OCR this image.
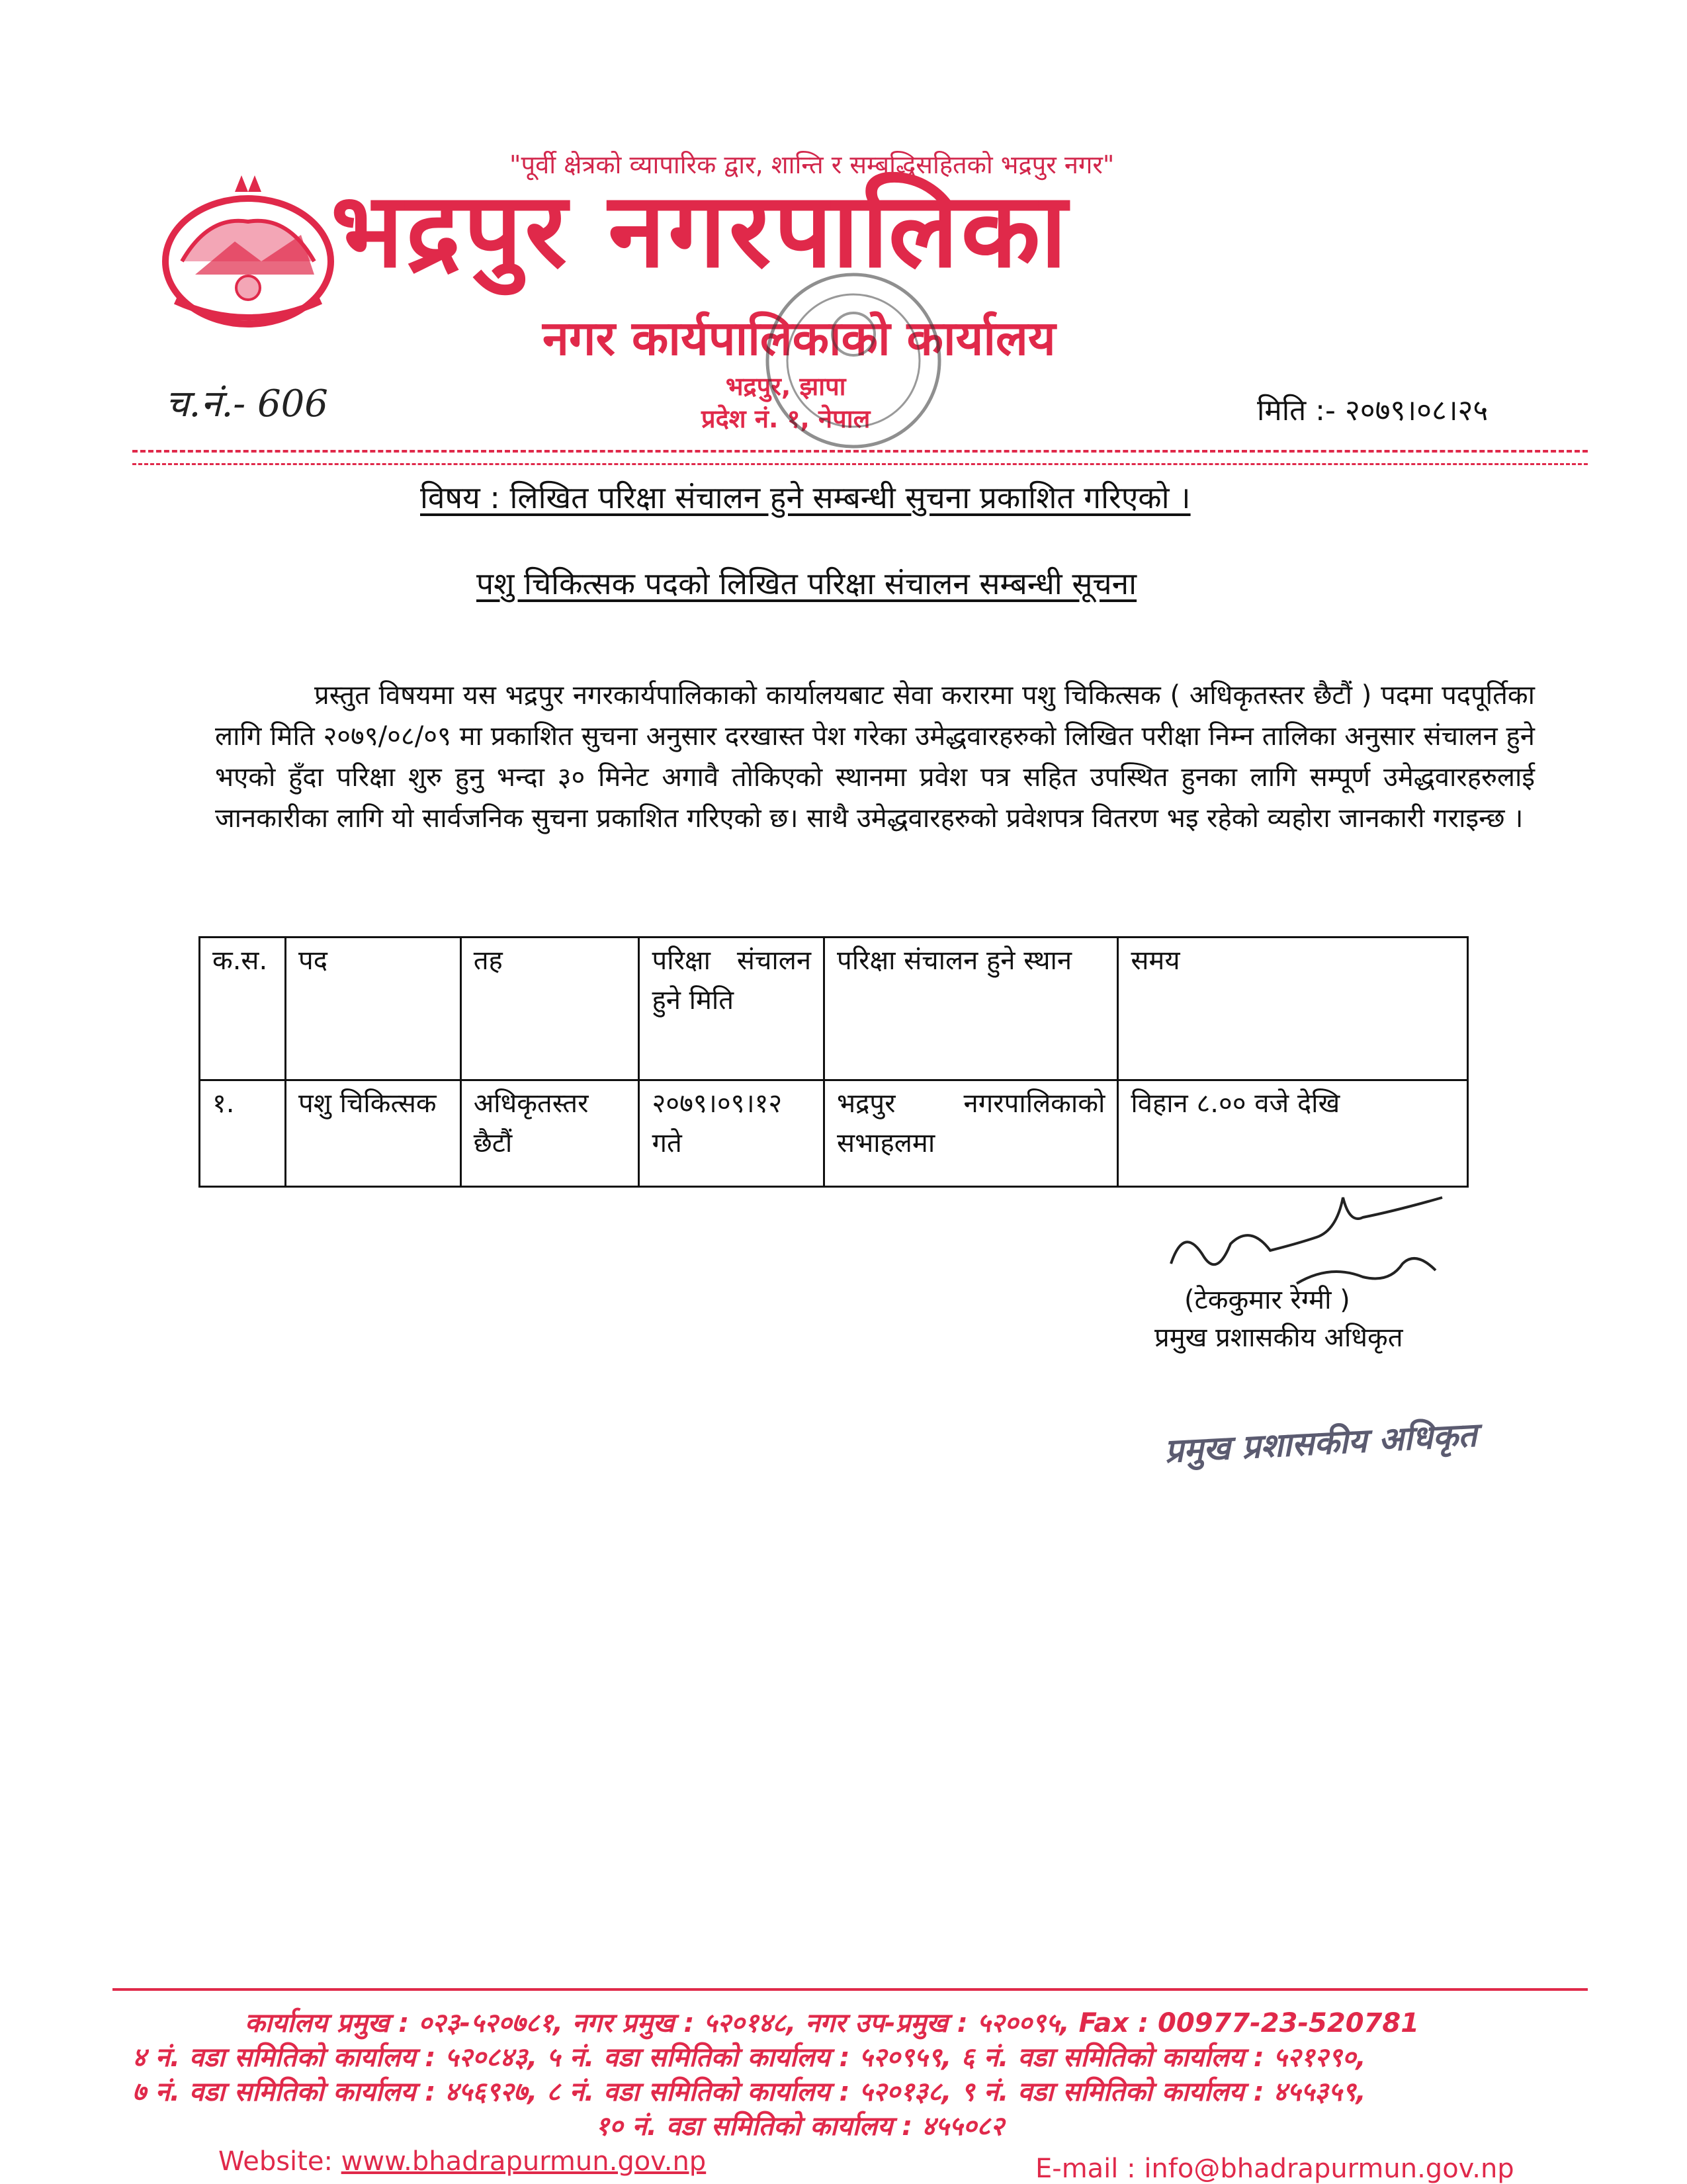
"पूर्वी क्षेत्रको व्यापारिक द्वार, शान्ति र सम्बृद्धिसहितको भद्रपुर नगर"
भद्रपुर नगरपालिका
नगर कार्यपालिकाको कार्यालय
भद्रपुर, झापा
प्रदेश नं. १, नेपाल
च.नं.- 606	मिति :- २०७९।०८।२५
विषय : लिखित परिक्षा संचालन हुने सम्बन्धी सुचना प्रकाशित गरिएको ।
पशु चिकित्सक पदको लिखित परिक्षा संचालन सम्बन्धी सूचना
प्रस्तुत विषयमा यस भद्रपुर नगरकार्यपालिकाको कार्यालयबाट सेवा करारमा पशु चिकित्सक ( अधिकृतस्तर छैटौं ) पदमा पदपूर्तिका लागि मिति २०७९/०८/०९ मा प्रकाशित सुचना अनुसार दरखास्त पेश गरेका उमेद्धवारहरुको लिखित परीक्षा निम्न तालिका अनुसार संचालन हुने भएको हुँदा परिक्षा शुरु हुनु भन्दा ३० मिनेट अगावै तोकिएको स्थानमा प्रवेश पत्र सहित उपस्थित हुनका लागि सम्पूर्ण उमेद्धवारहरुलाई जानकारीका लागि यो सार्वजनिक सुचना प्रकाशित गरिएको छ। साथै उमेद्धवारहरुको प्रवेशपत्र वितरण भइ रहेको व्यहोरा जानकारी गराइन्छ ।
क.स.	पद	तह	परिक्षा संचालन हुने मिति	परिक्षा संचालन हुने स्थान	समय
१.	पशु चिकित्सक	अधिकृतस्तर छैटौं	२०७९।०९।१२ गते	भद्रपुर नगरपालिकाको सभाहलमा	विहान ८.०० वजे देखि
(टेककुमार रेग्मी )
प्रमुख प्रशासकीय अधिकृत
प्रमुख प्रशासकीय अधिकृत
कार्यालय प्रमुख : ०२३-५२०७८१, नगर प्रमुख : ५२०१४८, नगर उप-प्रमुख : ५२००९५, Fax : 00977-23-520781
४ नं. वडा समितिको कार्यालय : ५२०८४३, ५ नं. वडा समितिको कार्यालय : ५२०९५९, ६ नं. वडा समितिको कार्यालय : ५२१२९०,
७ नं. वडा समितिको कार्यालय : ४५६९२७, ८ नं. वडा समितिको कार्यालय : ५२०१३८, ९ नं. वडा समितिको कार्यालय : ४५५३५९,
१० नं. वडा समितिको कार्यालय : ४५५०८२
Website: www.bhadrapurmun.gov.np	E-mail : info@bhadrapurmun.gov.np
